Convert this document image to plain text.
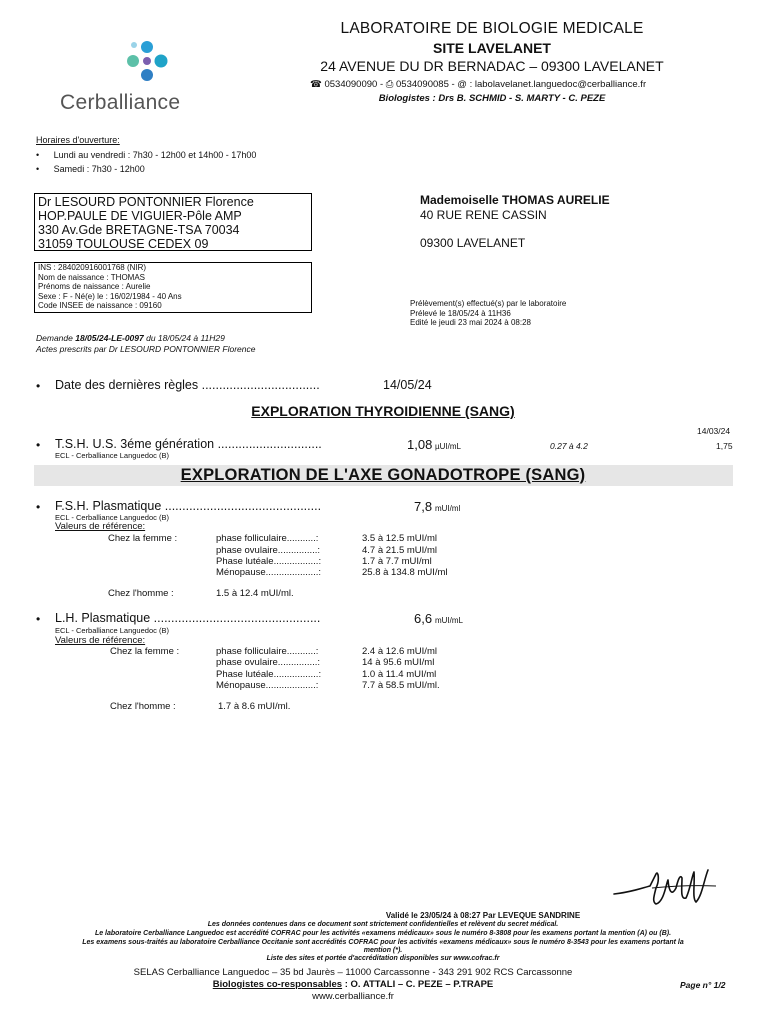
Cerballiance
LABORATOIRE DE BIOLOGIE MEDICALE
SITE LAVELANET
24 AVENUE DU DR BERNADAC – 09300 LAVELANET
☎ 0534090090 - ⎙ 0534090085 - @ : labolavelanet.languedoc@cerballiance.fr
Biologistes : Drs B. SCHMID - S. MARTY - C. PEZE
Horaires d'ouverture:
• Lundi au vendredi : 7h30 - 12h00 et 14h00 - 17h00
• Samedi : 7h30 - 12h00
Dr LESOURD PONTONNIER Florence
HOP.PAULE DE VIGUIER-Pôle AMP
330 Av.Gde BRETAGNE-TSA 70034
31059 TOULOUSE CEDEX 09
Mademoiselle THOMAS AURELIE
40 RUE RENE CASSIN
09300 LAVELANET
INS : 284020916001768 (NIR)
Nom de naissance : THOMAS
Prénoms de naissance : Aurelie
Sexe : F - Né(e) le : 16/02/1984 - 40 Ans
Code INSEE de naissance : 09160	Prélèvement(s) effectué(s) par le laboratoire
Prélevé le 18/05/24 à 11H36
Edité le jeudi 23 mai 2024 à 08:28
Demande 18/05/24-LE-0097 du 18/05/24 à 11H29
Actes prescrits par Dr LESOURD PONTONNIER Florence
• Date des dernières règles ..................................	14/05/24
EXPLORATION THYROIDIENNE (SANG)
14/03/24
• T.S.H. U.S. 3éme génération ..............................
ECL - Cerballiance Languedoc (B)
1,08 µUI/mL	0.27 à 4.2	1,75
EXPLORATION DE L'AXE GONADOTROPE (SANG)
• F.S.H. Plasmatique .............................................	7,8 mUI/ml
ECL - Cerballiance Languedoc (B)
Valeurs de référence:
Chez la femme :	phase folliculaire...........:	3.5 à 12.5 mUI/ml
phase ovulaire...............:	4.7 à 21.5 mUI/ml
Phase lutéale.................:	1.7 à 7.7 mUI/ml
Ménopause....................:	25.8 à 134.8 mUI/ml
Chez l'homme :	1.5 à 12.4 mUI/ml.
• L.H. Plasmatique ................................................	6,6 mUI/mL
ECL - Cerballiance Languedoc (B)
Valeurs de référence:
Chez la femme :	phase folliculaire...........:	2.4 à 12.6 mUI/ml
phase ovulaire...............:	14 à 95.6 mUI/ml
Phase lutéale.................:	1.0 à 11.4 mUI/ml
Ménopause...................:	7.7 à 58.5 mUI/ml.
Chez l'homme :	1.7 à 8.6 mUI/ml.
Validé le 23/05/24 à 08:27 Par LEVEQUE SANDRINE
Les données contenues dans ce document sont strictement confidentielles et relèvent du secret médical.
Le laboratoire Cerballiance Languedoc est accrédité COFRAC pour les activités «examens médicaux» sous le numéro 8-3808 pour les examens portant la mention (A) ou (B).
Les examens sous-traités au laboratoire Cerballiance Occitanie sont accrédités COFRAC pour les activités «examens médicaux» sous le numéro 8-3543 pour les examens portant la
mention (*).
Liste des sites et portée d'accréditation disponibles sur www.cofrac.fr
SELAS Cerballiance Languedoc – 35 bd Jaurès – 11000 Carcassonne - 343 291 902 RCS Carcassonne
Biologistes co-responsables : O. ATTALI – C. PEZE – P.TRAPE
www.cerballiance.fr
Page n° 1/2
